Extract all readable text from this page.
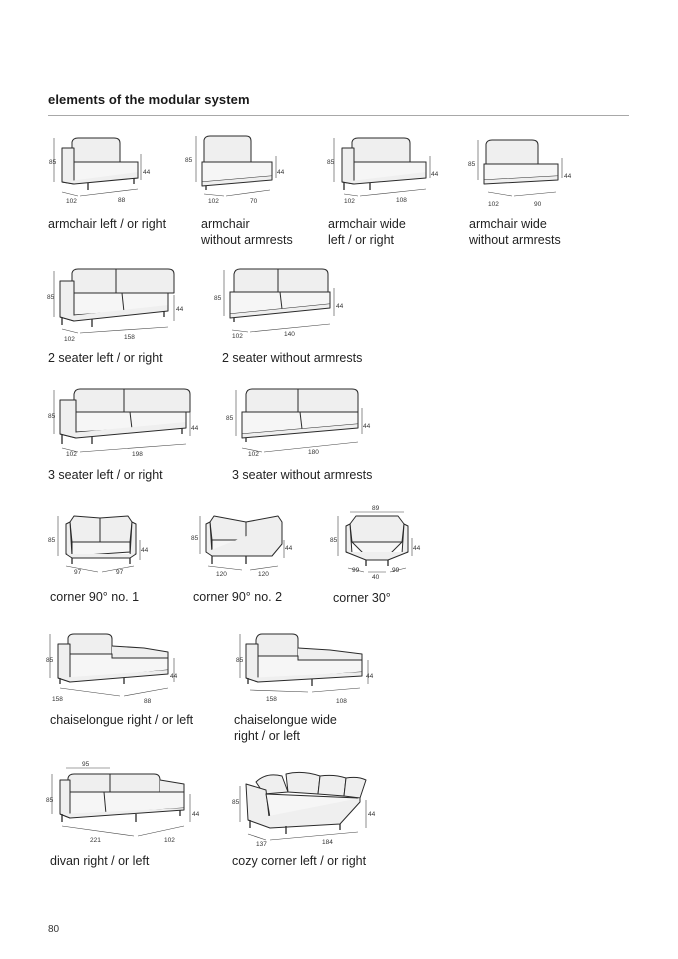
elements of the modular system
85
44
102	88
armchair left / or right
85
44
102	70
armchair
without armrests
85
44
102	108
armchair wide
left / or right
85
44
102	90
armchair wide
without armrests
85
44
102	158
2 seater left / or right
85
44
102	140
2 seater without armrests
85
44
102	198
3 seater left / or right
85
44
102	180
3 seater without armrests
85
44
97	97
corner 90° no. 1
85
44
120	120
corner 90° no. 2
89
85
44
99	99
40
corner 30°
85
44
158	88
chaiselongue right / or left
85
44
158	108
chaiselongue wide
right / or left
95
85
44
221	102
divan right / or left
85
44
137	184
cozy corner left / or right
80
